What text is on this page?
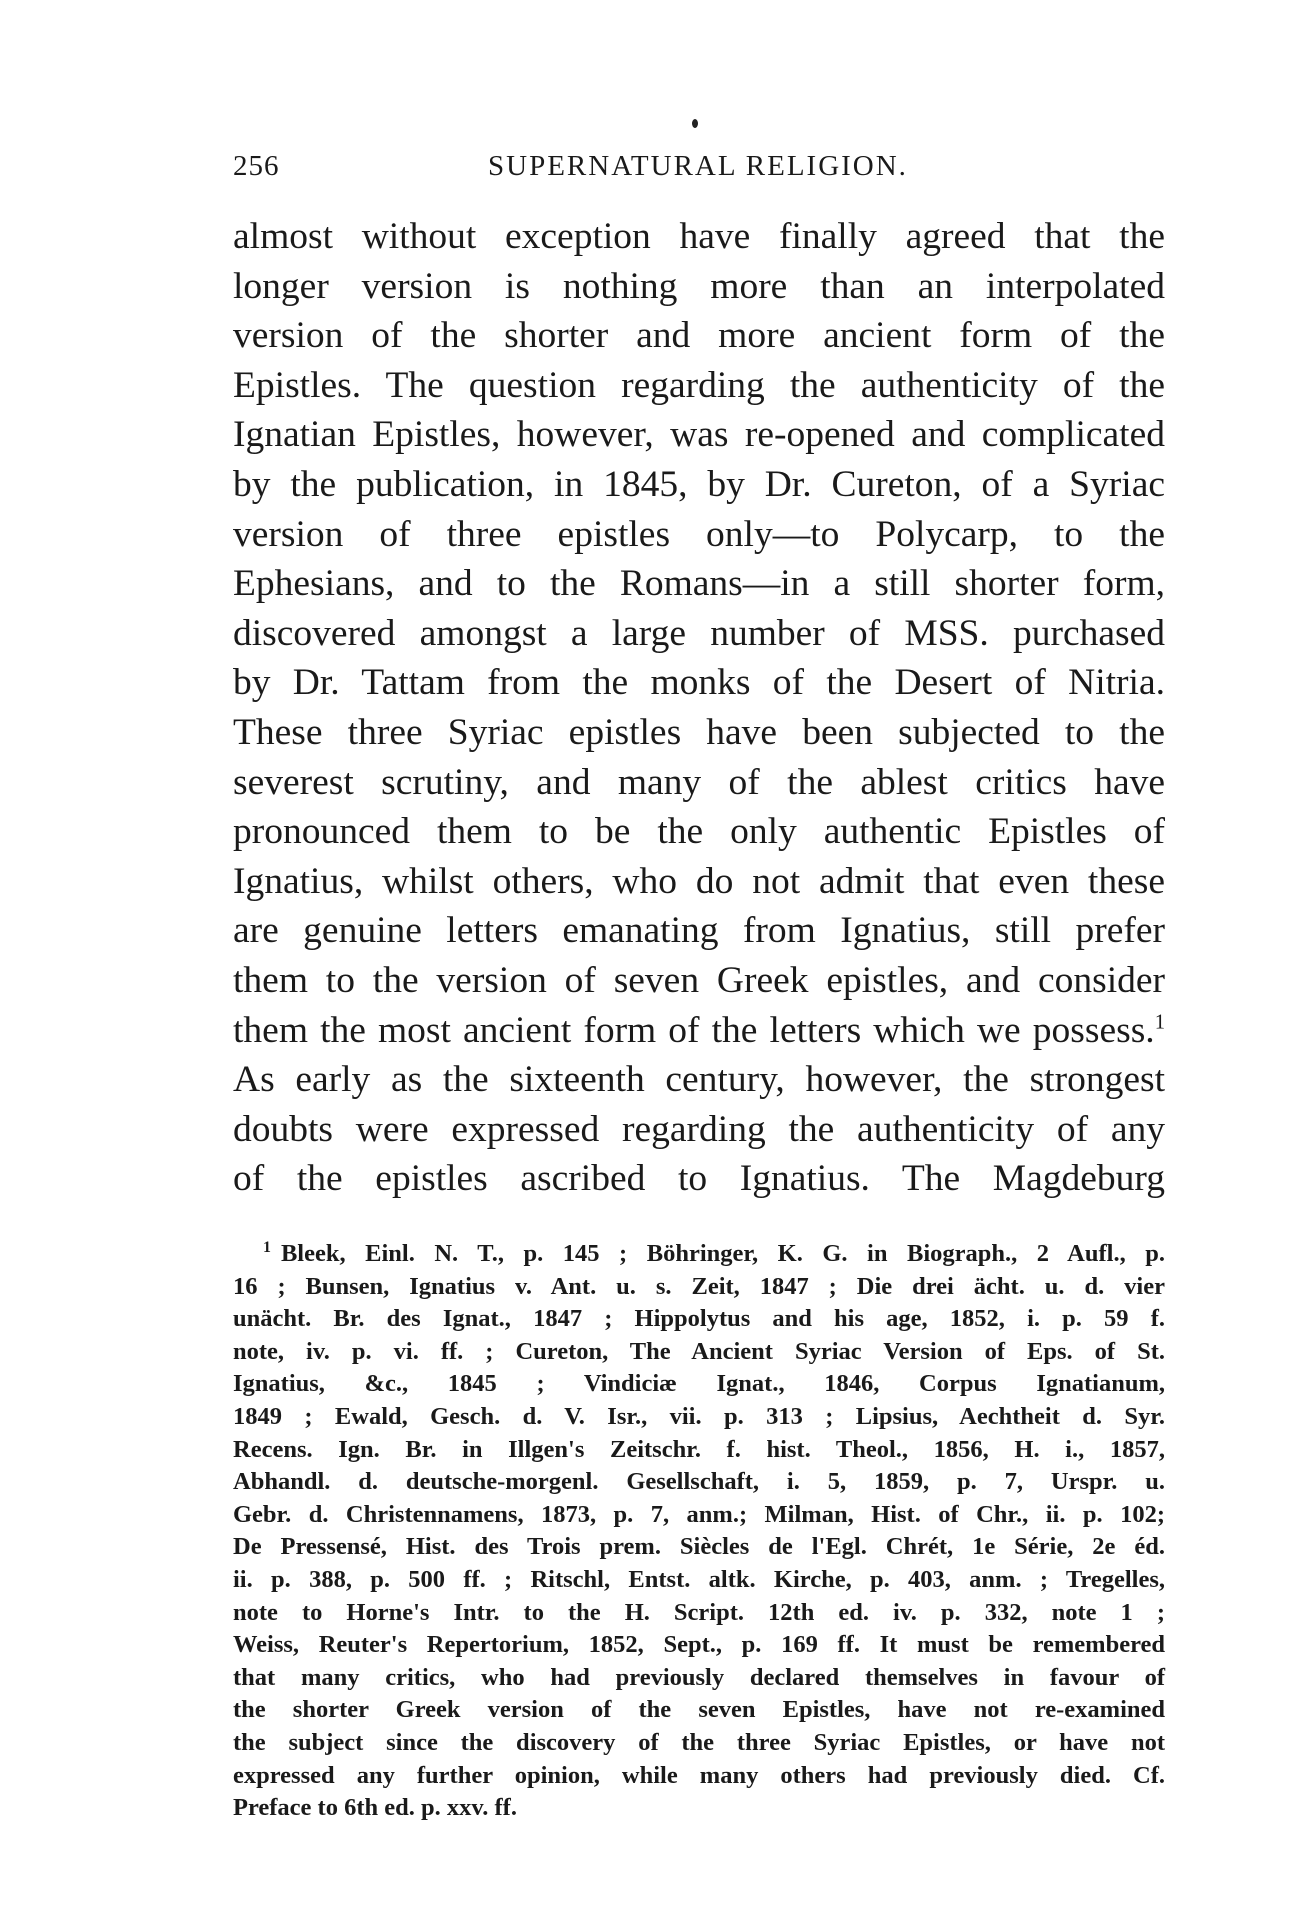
256	SUPERNATURAL RELIGION.
almost without exception have finally agreed that the
longer version is nothing more than an interpolated
version of the shorter and more ancient form of the
Epistles. The question regarding the authenticity of the
Ignatian Epistles, however, was re-opened and complicated
by the publication, in 1845, by Dr. Cureton, of a Syriac
version of three epistles only—to Polycarp, to the
Ephesians, and to the Romans—in a still shorter form,
discovered amongst a large number of MSS. purchased
by Dr. Tattam from the monks of the Desert of Nitria.
These three Syriac epistles have been subjected to the
severest scrutiny, and many of the ablest critics have
pronounced them to be the only authentic Epistles of
Ignatius, whilst others, who do not admit that even these
are genuine letters emanating from Ignatius, still prefer
them to the version of seven Greek epistles, and consider
them the most ancient form of the letters which we possess.$^1$
As early as the sixteenth century, however, the strongest
doubts were expressed regarding the authenticity of any
of the epistles ascribed to Ignatius. The Magdeburg
$^1$ Bleek, Einl. N. T., p. 145 ; Böhringer, K. G. in Biograph., 2 Aufl., p.
16 ; Bunsen, Ignatius v. Ant. u. s. Zeit, 1847 ; Die drei ächt. u. d. vier
unächt. Br. des Ignat., 1847 ; Hippolytus and his age, 1852, i. p. 59 f.
note, iv. p. vi. ff. ; Cureton, The Ancient Syriac Version of Eps. of St.
Ignatius, &c., 1845 ; Vindiciæ Ignat., 1846, Corpus Ignatianum,
1849 ; Ewald, Gesch. d. V. Isr., vii. p. 313 ; Lipsius, Aechtheit d. Syr.
Recens. Ign. Br. in Illgen's Zeitschr. f. hist. Theol., 1856, H. i., 1857,
Abhandl. d. deutsche-morgenl. Gesellschaft, i. 5, 1859, p. 7, Urspr. u.
Gebr. d. Christennamens, 1873, p. 7, anm.; Milman, Hist. of Chr., ii. p. 102;
De Pressensé, Hist. des Trois prem. Siècles de l'Egl. Chrét, 1e Série, 2e éd.
ii. p. 388, p. 500 ff. ; Ritschl, Entst. altk. Kirche, p. 403, anm. ; Tregelles,
note to Horne's Intr. to the H. Script. 12th ed. iv. p. 332, note 1 ;
Weiss, Reuter's Repertorium, 1852, Sept., p. 169 ff. It must be remembered
that many critics, who had previously declared themselves in favour of
the shorter Greek version of the seven Epistles, have not re-examined
the subject since the discovery of the three Syriac Epistles, or have not
expressed any further opinion, while many others had previously died. Cf.
Preface to 6th ed. p. xxv. ff.
